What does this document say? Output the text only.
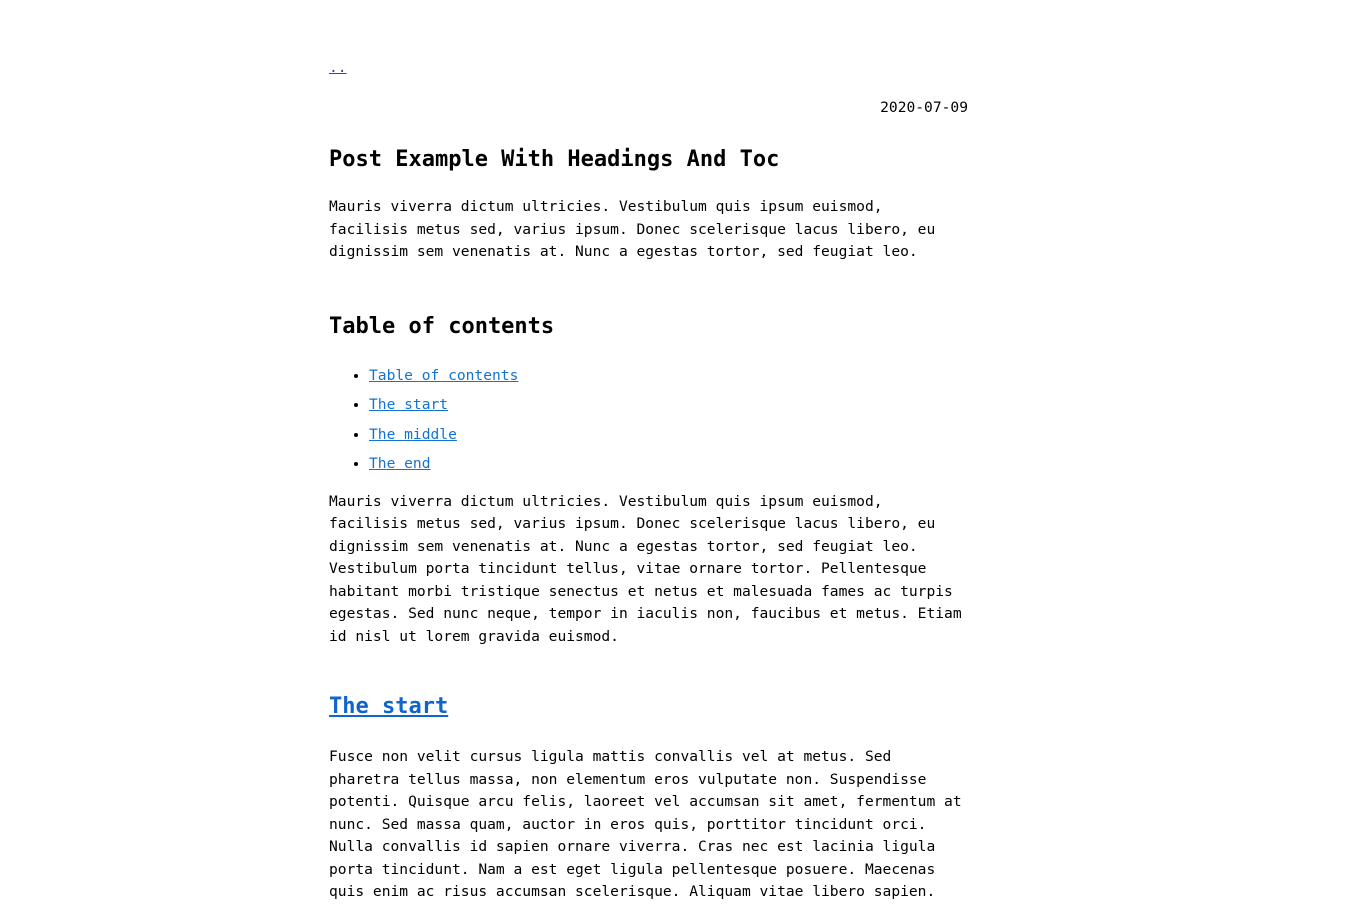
..

2020-07-09
Post Example With Headings And Toc

Mauris viverra dictum ultricies. Vestibulum quis ipsum euismod, facilisis metus sed, varius ipsum. Donec scelerisque lacus libero, eu dignissim sem venenatis at. Nunc a egestas tortor, sed feugiat leo.

Table of contents
• Table of contents
• The start
• The middle
• The end

Mauris viverra dictum ultricies. Vestibulum quis ipsum euismod, facilisis metus sed, varius ipsum. Donec scelerisque lacus libero, eu dignissim sem venenatis at. Nunc a egestas tortor, sed feugiat leo. Vestibulum porta tincidunt tellus, vitae ornare tortor. Pellentesque habitant morbi tristique senectus et netus et malesuada fames ac turpis egestas. Sed nunc neque, tempor in iaculis non, faucibus et metus. Etiam id nisl ut lorem gravida euismod.

The start

Fusce non velit cursus ligula mattis convallis vel at metus. Sed pharetra tellus massa, non elementum eros vulputate non. Suspendisse potenti. Quisque arcu felis, laoreet vel accumsan sit amet, fermentum at nunc. Sed massa quam, auctor in eros quis, porttitor tincidunt orci. Nulla convallis id sapien ornare viverra. Cras nec est lacinia ligula porta tincidunt. Nam a est eget ligula pellentesque posuere. Maecenas quis enim ac risus accumsan scelerisque. Aliquam vitae libero sapien.
